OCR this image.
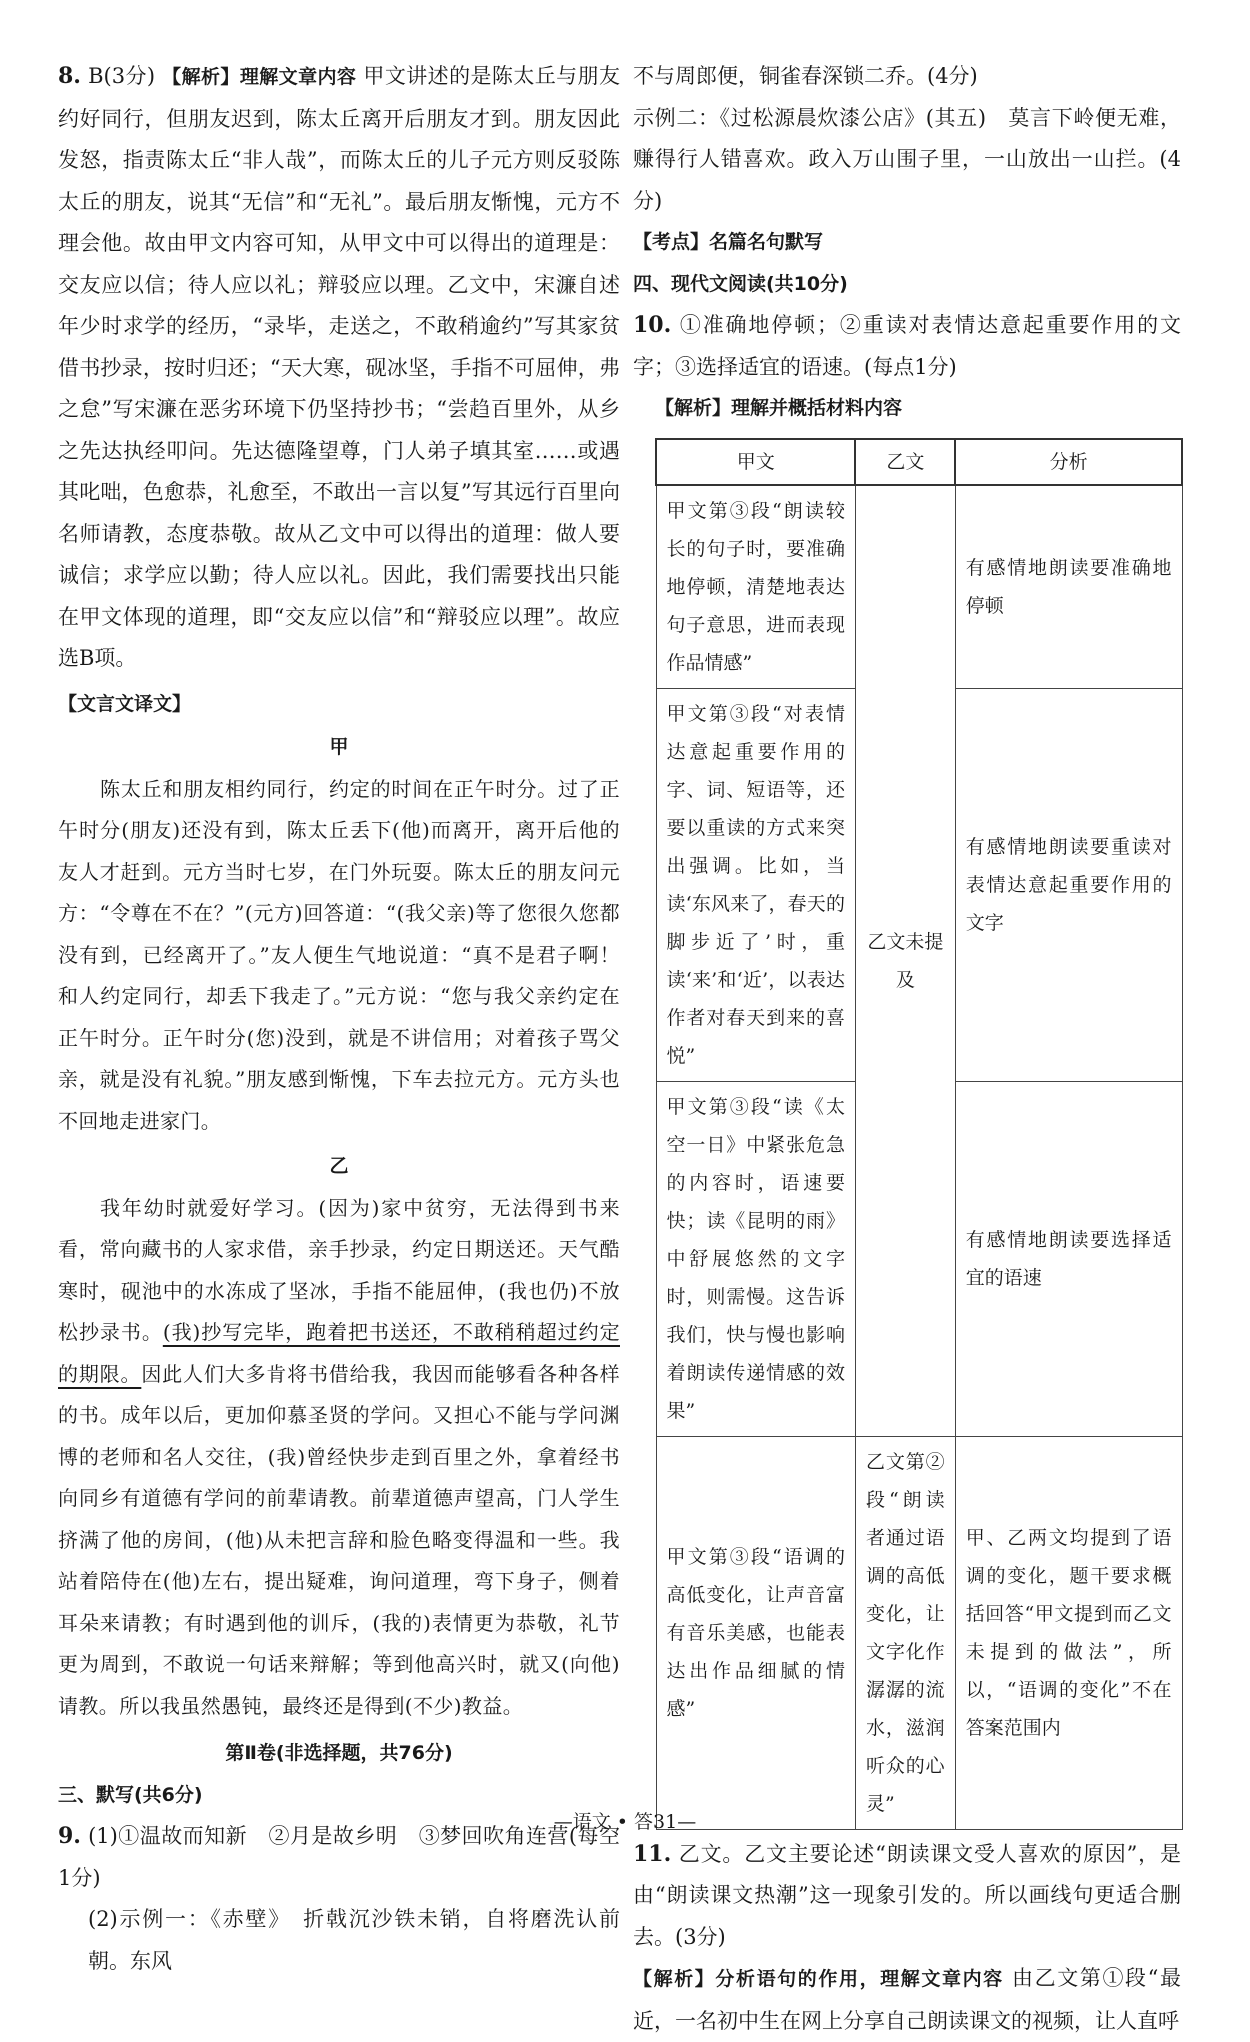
8. B(3分) 【解析】理解文章内容 甲文讲述的是陈太丘与朋友约好同行，但朋友迟到，陈太丘离开后朋友才到。朋友因此发怒，指责陈太丘“非人哉”，而陈太丘的儿子元方则反驳陈太丘的朋友，说其“无信”和“无礼”。最后朋友惭愧，元方不理会他。故由甲文内容可知，从甲文中可以得出的道理是：交友应以信；待人应以礼；辩驳应以理。乙文中，宋濂自述年少时求学的经历，“录毕，走送之，不敢稍逾约”写其家贫借书抄录，按时归还；“天大寒，砚冰坚，手指不可屈伸，弗之怠”写宋濂在恶劣环境下仍坚持抄书；“尝趋百里外，从乡之先达执经叩问。先达德隆望尊，门人弟子填其室……或遇其叱咄，色愈恭，礼愈至，不敢出一言以复”写其远行百里向名师请教，态度恭敬。故从乙文中可以得出的道理：做人要诚信；求学应以勤；待人应以礼。因此，我们需要找出只能在甲文体现的道理，即“交友应以信”和“辩驳应以理”。故应选B项。

【文言文译文】

甲

陈太丘和朋友相约同行，约定的时间在正午时分。过了正午时分(朋友)还没有到，陈太丘丢下(他)而离开，离开后他的友人才赶到。元方当时七岁，在门外玩耍。陈太丘的朋友问元方：“令尊在不在？”(元方)回答道：“(我父亲)等了您很久您都没有到，已经离开了。”友人便生气地说道：“真不是君子啊！和人约定同行，却丢下我走了。”元方说：“您与我父亲约定在正午时分。正午时分(您)没到，就是不讲信用；对着孩子骂父亲，就是没有礼貌。”朋友感到惭愧，下车去拉元方。元方头也不回地走进家门。

乙

我年幼时就爱好学习。(因为)家中贫穷，无法得到书来看，常向藏书的人家求借，亲手抄录，约定日期送还。天气酷寒时，砚池中的水冻成了坚冰，手指不能屈伸，(我也仍)不放松抄录书。(我)抄写完毕，跑着把书送还，不敢稍稍超过约定的期限。因此人们大多肯将书借给我，我因而能够看各种各样的书。成年以后，更加仰慕圣贤的学问。又担心不能与学问渊博的老师和名人交往，(我)曾经快步走到百里之外，拿着经书向同乡有道德有学问的前辈请教。前辈道德声望高，门人学生挤满了他的房间，(他)从未把言辞和脸色略变得温和一些。我站着陪侍在(他)左右，提出疑难，询问道理，弯下身子，侧着耳朵来请教；有时遇到他的训斥，(我的)表情更为恭敬，礼节更为周到，不敢说一句话来辩解；等到他高兴时，就又(向他)请教。所以我虽然愚钝，最终还是得到(不少)教益。

第Ⅱ卷(非选择题，共76分)

三、默写(共6分)

9. (1)①温故而知新　②月是故乡明　③梦回吹角连营(每空1分)

(2)示例一：《赤壁》　折戟沉沙铁未销，自将磨洗认前朝。东风

不与周郎便，铜雀春深锁二乔。(4分)

示例二：《过松源晨炊漆公店》(其五)　莫言下岭便无难，赚得行人错喜欢。政入万山围子里，一山放出一山拦。(4分)

【考点】名篇名句默写

四、现代文阅读(共10分)

10. ①准确地停顿；②重读对表情达意起重要作用的文字；③选择适宜的语速。(每点1分)

【解析】理解并概括材料内容

甲文	乙文	分析
甲文第③段“朗读较长的句子时，要准确地停顿，清楚地表达句子意思，进而表现作品情感”	乙文未提及	有感情地朗读要准确地停顿
甲文第③段“对表情达意起重要作用的字、词、短语等，还要以重读的方式来突出强调。比如，当读‘东风来了，春天的脚步近了’时，重读‘来’和‘近’，以表达作者对春天到来的喜悦”		有感情地朗读要重读对表情达意起重要作用的文字
甲文第③段“读《太空一日》中紧张危急的内容时，语速要快；读《昆明的雨》中舒展悠然的文字时，则需慢。这告诉我们，快与慢也影响着朗读传递情感的效果”		有感情地朗读要选择适宜的语速
甲文第③段“语调的高低变化，让声音富有音乐美感，也能表达出作品细腻的情感”	乙文第②段“朗读者通过语调的高低变化，让文字化作潺潺的流水，滋润听众的心灵”	甲、乙两文均提到了语调的变化，题干要求概括回答“甲文提到而乙文未提到的做法”，所以，“语调的变化”不在答案范围内

11. 乙文。乙文主要论述“朗读课文受人喜欢的原因”，是由“朗读课文热潮”这一现象引发的。所以画线句更适合删去。(3分)

【解析】分析语句的作用，理解文章内容 由乙文第①段“最近，一名初中生在网上分享自己朗读课文的视频，让人直呼

—语文 • 答31—
